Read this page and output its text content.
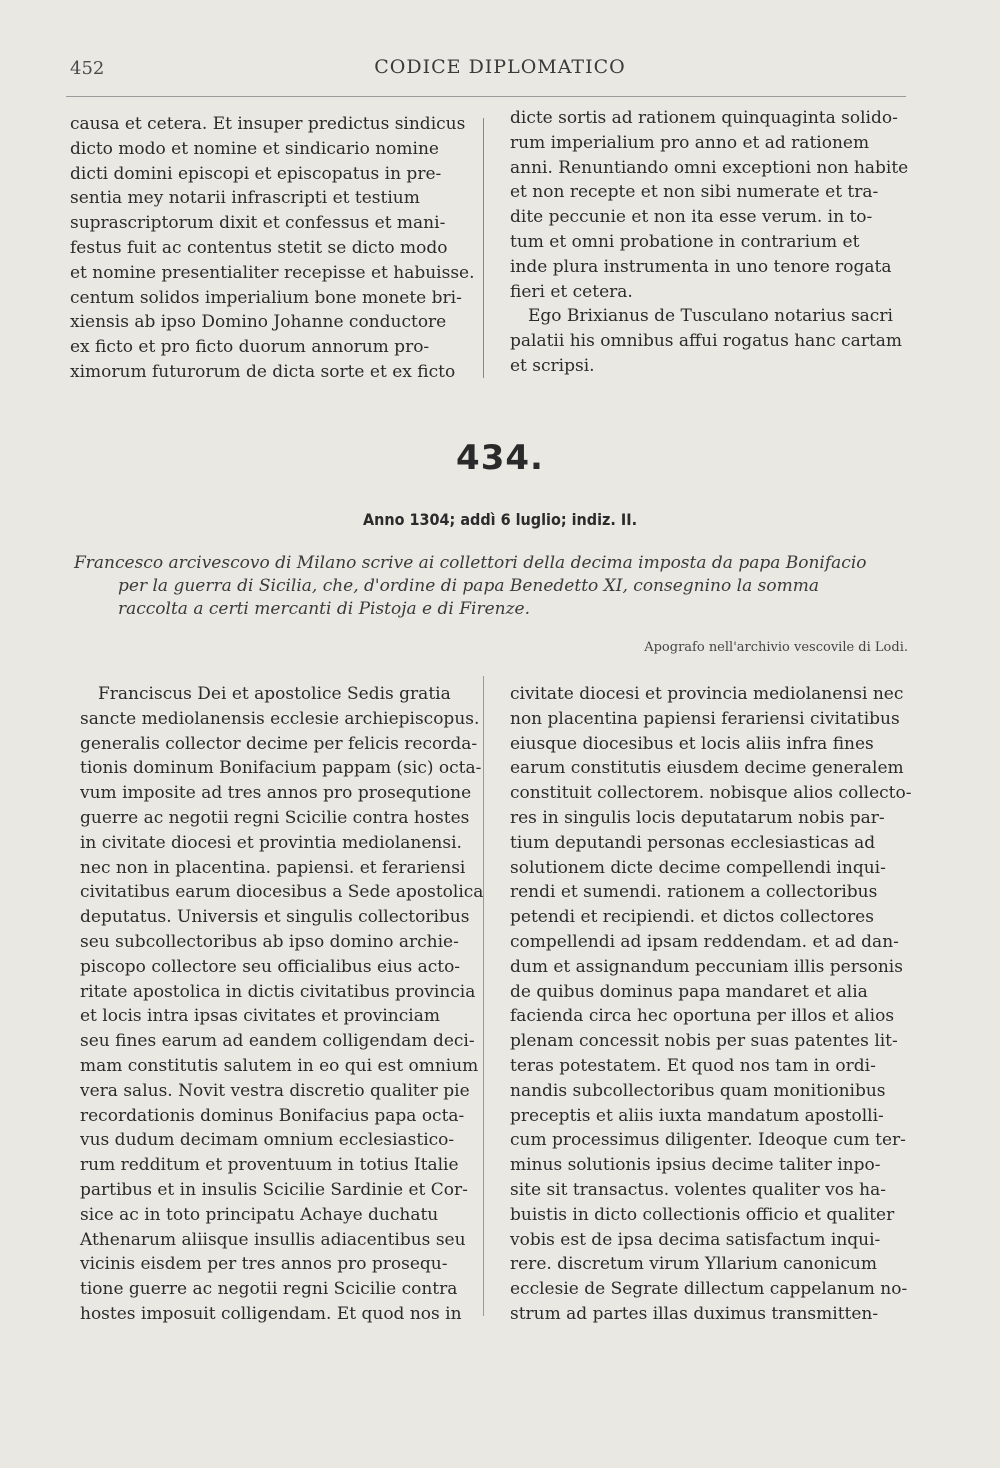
452	CODICE DIPLOMATICO

causa et cetera. Et insuper predictus sindicus
dicto modo et nomine et sindicario nomine
dicti domini episcopi et episcopatus in pre-
sentia mey notarii infrascripti et testium
suprascriptorum dixit et confessus et mani-
festus fuit ac contentus stetit se dicto modo
et nomine presentialiter recepisse et habuisse.
centum solidos imperialium bone monete bri-
xiensis ab ipso Domino Johanne conductore
ex ficto et pro ficto duorum annorum pro-
ximorum futurorum de dicta sorte et ex ficto

dicte sortis ad rationem quinquaginta solido-
rum imperialium pro anno et ad rationem
anni. Renuntiando omni exceptioni non habite
et non recepte et non sibi numerate et tra-
dite peccunie et non ita esse verum. in to-
tum et omni probatione in contrarium et
inde plura instrumenta in uno tenore rogata
fieri et cetera.
Ego Brixianus de Tusculano notarius sacri
palatii his omnibus affui rogatus hanc cartam
et scripsi.

434.
Anno 1304; addì 6 luglio; indiz. II.
Francesco arcivescovo di Milano scrive ai collettori della decima imposta da papa Bonifacio
per la guerra di Sicilia, che, d'ordine di papa Benedetto XI, consegnino la somma
raccolta a certi mercanti di Pistoja e di Firenze.
Apografo nell'archivio vescovile di Lodi.

Franciscus Dei et apostolice Sedis gratia
sancte mediolanensis ecclesie archiepiscopus.
generalis collector decime per felicis recorda-
tionis dominum Bonifacium pappam (sic) octa-
vum imposite ad tres annos pro prosequtione
guerre ac negotii regni Scicilie contra hostes
in civitate diocesi et provintia mediolanensi.
nec non in placentina. papiensi. et ferariensi
civitatibus earum diocesibus a Sede apostolica
deputatus. Universis et singulis collectoribus
seu subcollectoribus ab ipso domino archie-
piscopo collectore seu officialibus eius acto-
ritate apostolica in dictis civitatibus provincia
et locis intra ipsas civitates et provinciam
seu fines earum ad eandem colligendam deci-
mam constitutis salutem in eo qui est omnium
vera salus. Novit vestra discretio qualiter pie
recordationis dominus Bonifacius papa octa-
vus dudum decimam omnium ecclesiastico-
rum redditum et proventuum in totius Italie
partibus et in insulis Scicilie Sardinie et Cor-
sice ac in toto principatu Achaye duchatu
Athenarum aliisque insullis adiacentibus seu
vicinis eisdem per tres annos pro prosequ-
tione guerre ac negotii regni Scicilie contra
hostes imposuit colligendam. Et quod nos in

civitate diocesi et provincia mediolanensi nec
non placentina papiensi ferariensi civitatibus
eiusque diocesibus et locis aliis infra fines
earum constitutis eiusdem decime generalem
constituit collectorem. nobisque alios collecto-
res in singulis locis deputatarum nobis par-
tium deputandi personas ecclesiasticas ad
solutionem dicte decime compellendi inqui-
rendi et sumendi. rationem a collectoribus
petendi et recipiendi. et dictos collectores
compellendi ad ipsam reddendam. et ad dan-
dum et assignandum peccuniam illis personis
de quibus dominus papa mandaret et alia
facienda circa hec oportuna per illos et alios
plenam concessit nobis per suas patentes lit-
teras potestatem. Et quod nos tam in ordi-
nandis subcollectoribus quam monitionibus
preceptis et aliis iuxta mandatum apostolli-
cum processimus diligenter. Ideoque cum ter-
minus solutionis ipsius decime taliter inpo-
site sit transactus. volentes qualiter vos ha-
buistis in dicto collectionis officio et qualiter
vobis est de ipsa decima satisfactum inqui-
rere. discretum virum Yllarium canonicum
ecclesie de Segrate dillectum cappelanum no-
strum ad partes illas duximus transmitten-
